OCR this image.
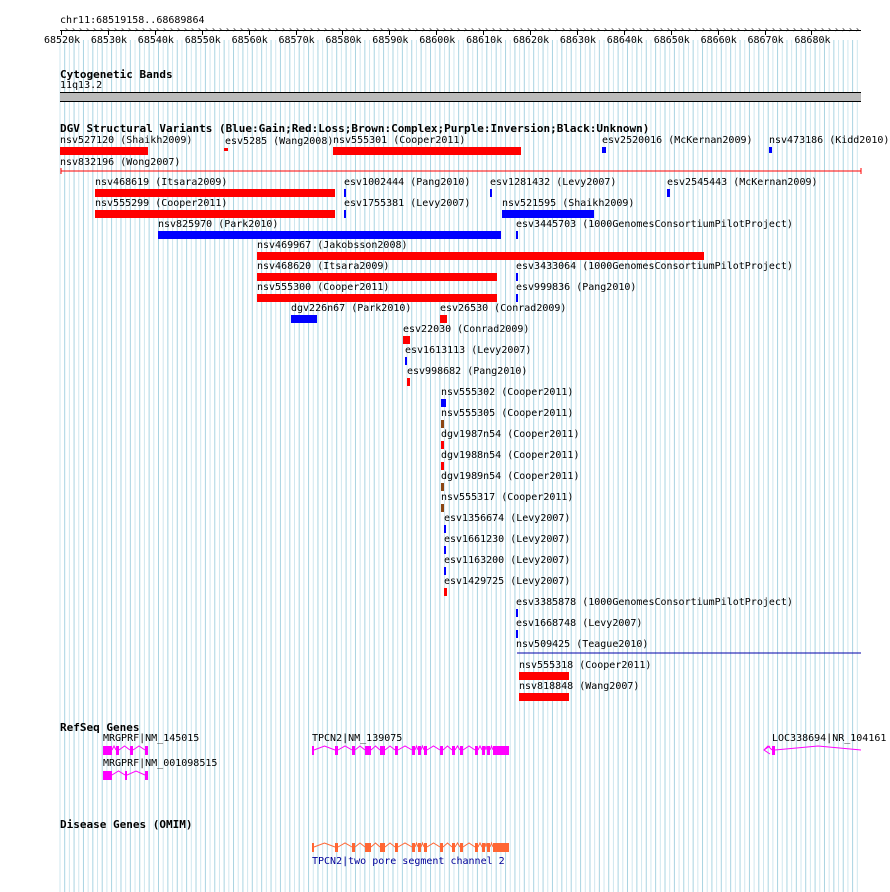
chr11:68519158..68689864
› › › › › › › › › › › › › › › › › › › › › › › › › › › › › › › › › › › › › › › › › › › › › › › › › › › › › › › › › › › › › › › › › › › › › › › › › › › › › › › › › › › › › › › › › › › › › › › › › › › › › › › › › › › › › › › › › ›
68520k 68530k 68540k 68550k 68560k 68570k 68580k 68590k 68600k 68610k 68620k 68630k 68640k 68650k 68660k 68670k 68680k
Cytogenetic Bands
11q13.2
DGV Structural Variants (Blue:Gain;Red:Loss;Brown:Complex;Purple:Inversion;Black:Unknown)
nsv527120 (Shaikh2009)	esv5285 (Wang2008) nsv555301 (Cooper2011)	esv2520016 (McKernan2009) nsv473186 (Kidd2010)
nsv832196 (Wong2007)
nsv468619 (Itsara2009)	esv1002444 (Pang2010) esv1281432 (Levy2007)	esv2545443 (McKernan2009)
nsv555299 (Cooper2011)	esv1755381 (Levy2007)	nsv521595 (Shaikh2009)
nsv825970 (Park2010)	esv3445703 (1000GenomesConsortiumPilotProject)
nsv469967 (Jakobsson2008)
nsv468620 (Itsara2009)	esv3433064 (1000GenomesConsortiumPilotProject)
nsv555300 (Cooper2011)	esv999836 (Pang2010)
dgv226n67 (Park2010)	esv26530 (Conrad2009)
esv22030 (Conrad2009)
esv1613113 (Levy2007)
esv998682 (Pang2010)
nsv555302 (Cooper2011)
nsv555305 (Cooper2011)
dgv1987n54 (Cooper2011)
dgv1988n54 (Cooper2011)
dgv1989n54 (Cooper2011)
nsv555317 (Cooper2011)
esv1356674 (Levy2007)
esv1661230 (Levy2007)
esv1163200 (Levy2007)
esv1429725 (Levy2007)
esv3385878 (1000GenomesConsortiumPilotProject)
esv1668748 (Levy2007)
nsv509425 (Teague2010)
nsv555318 (Cooper2011)
nsv818848 (Wang2007)
RefSeq Genes
MRGPRF|NM_145015
MRGPRF|NM_001098515
TPCN2|NM_139075	LOC338694|NR_104161
Disease Genes (OMIM)
TPCN2|two pore segment channel 2
